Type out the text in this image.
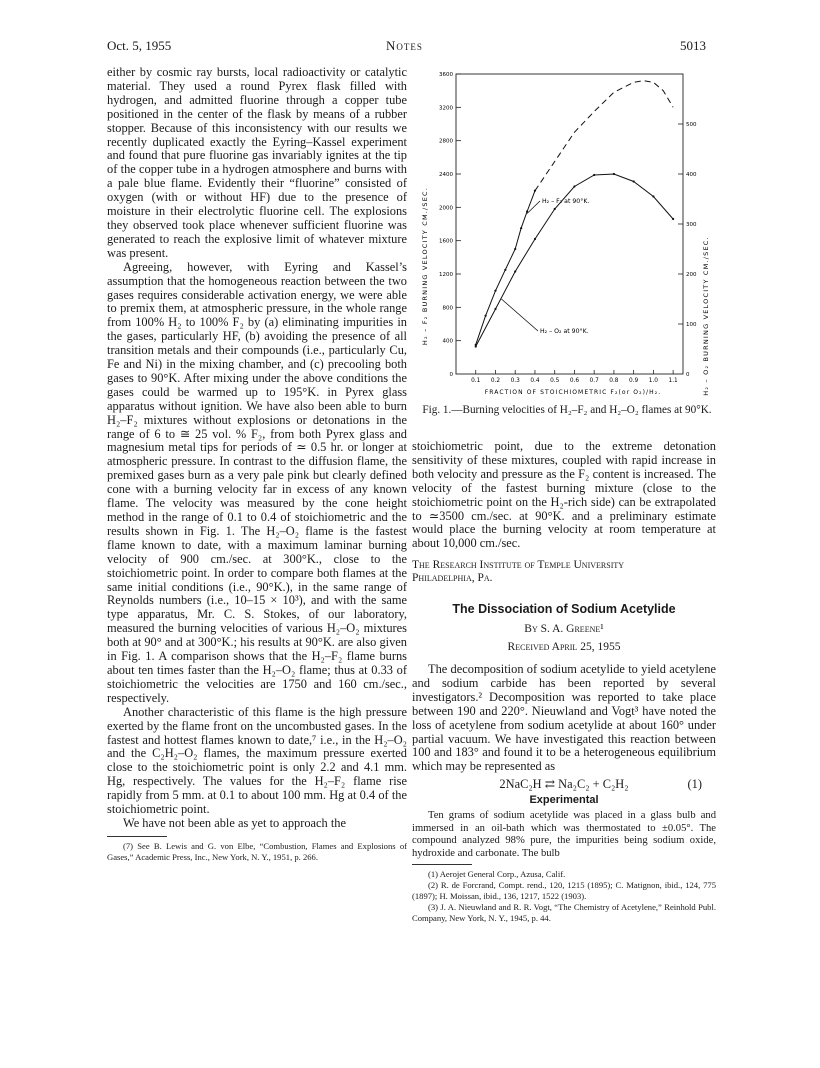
Oct. 5, 1955	Notes	5013

either by cosmic ray bursts, local radioactivity or catalytic material. They used a round Pyrex flask filled with hydrogen, and admitted fluorine through a copper tube positioned in the center of the flask by means of a rubber stopper. Because of this inconsistency with our results we recently duplicated exactly the Eyring–Kassel experiment and found that pure fluorine gas invariably ignites at the tip of the copper tube in a hydrogen atmosphere and burns with a pale blue flame. Evidently their “fluorine” consisted of oxygen (with or without HF) due to the presence of moisture in their electrolytic fluorine cell. The explosions they observed took place whenever sufficient fluorine was generated to reach the explosive limit of whatever mixture was present.

Agreeing, however, with Eyring and Kassel’s assumption that the homogeneous reaction between the two gases requires considerable activation energy, we were able to premix them, at atmospheric pressure, in the whole range from 100% H₂ to 100% F₂ by (a) eliminating impurities in the gases, particularly HF, (b) avoiding the presence of all transition metals and their compounds (i.e., particularly Cu, Fe and Ni) in the mixing chamber, and (c) precooling both gases to 90°K. After mixing under the above conditions the gases could be warmed up to 195°K. in Pyrex glass apparatus without ignition. We have also been able to burn H₂–F₂ mixtures without explosions or detonations in the range of 6 to ≅ 25 vol. % F₂, from both Pyrex glass and magnesium metal tips for periods of ≃ 0.5 hr. or longer at atmospheric pressure. In contrast to the diffusion flame, the premixed gases burn as a very pale pink but clearly defined cone with a burning velocity far in excess of any known flame. The velocity was measured by the cone height method in the range of 0.1 to 0.4 of stoichiometric and the results shown in Fig. 1. The H₂–O₂ flame is the fastest flame known to date, with a maximum laminar burning velocity of 900 cm./sec. at 300°K., close to the stoichiometric point. In order to compare both flames at the same initial conditions (i.e., 90°K.), in the same range of Reynolds numbers (i.e., 10–15 × 10³), and with the same type apparatus, Mr. C. S. Stokes, of our laboratory, measured the burning velocities of various H₂–O₂ mixtures both at 90° and at 300°K.; his results at 90°K. are also given in Fig. 1. A comparison shows that the H₂–F₂ flame burns about ten times faster than the H₂–O₂ flame; thus at 0.33 of stoichiometric the velocities are 1750 and 160 cm./sec., respectively.

Another characteristic of this flame is the high pressure exerted by the flame front on the uncombusted gases. In the fastest and hottest flames known to date,⁷ i.e., in the H₂–O₂ and the C₂H₂–O₂ flames, the maximum pressure exerted close to the stoichiometric point is only 2.2 and 4.1 mm. Hg, respectively. The values for the H₂–F₂ flame rise rapidly from 5 mm. at 0.1 to about 100 mm. Hg at 0.4 of the stoichiometric point.

We have not been able as yet to approach the

(7) See B. Lewis and G. von Elbe, “Combustion, Flames and Explosions of Gases,” Academic Press, Inc., New York, N. Y., 1951, p. 266.

400
800
1200
1600
2000
2400
2800
3200
3600
100
200
300
400
500
0.1 0.2 0.3 0.4 0.5 0.6 0.7 0.8 0.9 1.0 1.1
0	0
H₂ – F₂ BURNING VELOCITY CM./SEC.	H₂ – O₂ BURNING VELOCITY CM./SEC.
FRACTION OF STOICHIOMETRIC F₂(or O₂)/H₂.
H₂ – F₂ at 90°K.
H₂ – O₂ at 90°K.
Fig. 1.—Burning velocities of H₂–F₂ and H₂–O₂ flames at 90°K.

stoichiometric point, due to the extreme detonation sensitivity of these mixtures, coupled with rapid increase in both velocity and pressure as the F₂ content is increased. The velocity of the fastest burning mixture (close to the stoichiometric point on the H₂-rich side) can be extrapolated to ≃3500 cm./sec. at 90°K. and a preliminary estimate would place the burning velocity at room temperature at about 10,000 cm./sec.

The Research Institute of Temple University
Philadelphia, Pa.

The Dissociation of Sodium Acetylide

By S. A. Greene¹

Received April 25, 1955

The decomposition of sodium acetylide to yield acetylene and sodium carbide has been reported by several investigators.² Decomposition was reported to take place between 190 and 220°. Nieuwland and Vogt³ have noted the loss of acetylene from sodium acetylide at about 160° under partial vacuum. We have investigated this reaction between 100 and 183° and found it to be a heterogeneous equilibrium which may be represented as

2NaC₂H ⇄ Na₂C₂ + C₂H₂	(1)

Experimental

Ten grams of sodium acetylide was placed in a glass bulb and immersed in an oil-bath which was thermostated to ±0.05°. The compound analyzed 98% pure, the impurities being sodium oxide, hydroxide and carbonate. The bulb

(1) Aerojet General Corp., Azusa, Calif.

(2) R. de Forcrand, Compt. rend., 120, 1215 (1895); C. Matignon, ibid., 124, 775 (1897); H. Moissan, ibid., 136, 1217, 1522 (1903).

(3) J. A. Nieuwland and R. R. Vogt, “The Chemistry of Acetylene,” Reinhold Publ. Company, New York, N. Y., 1945, p. 44.
